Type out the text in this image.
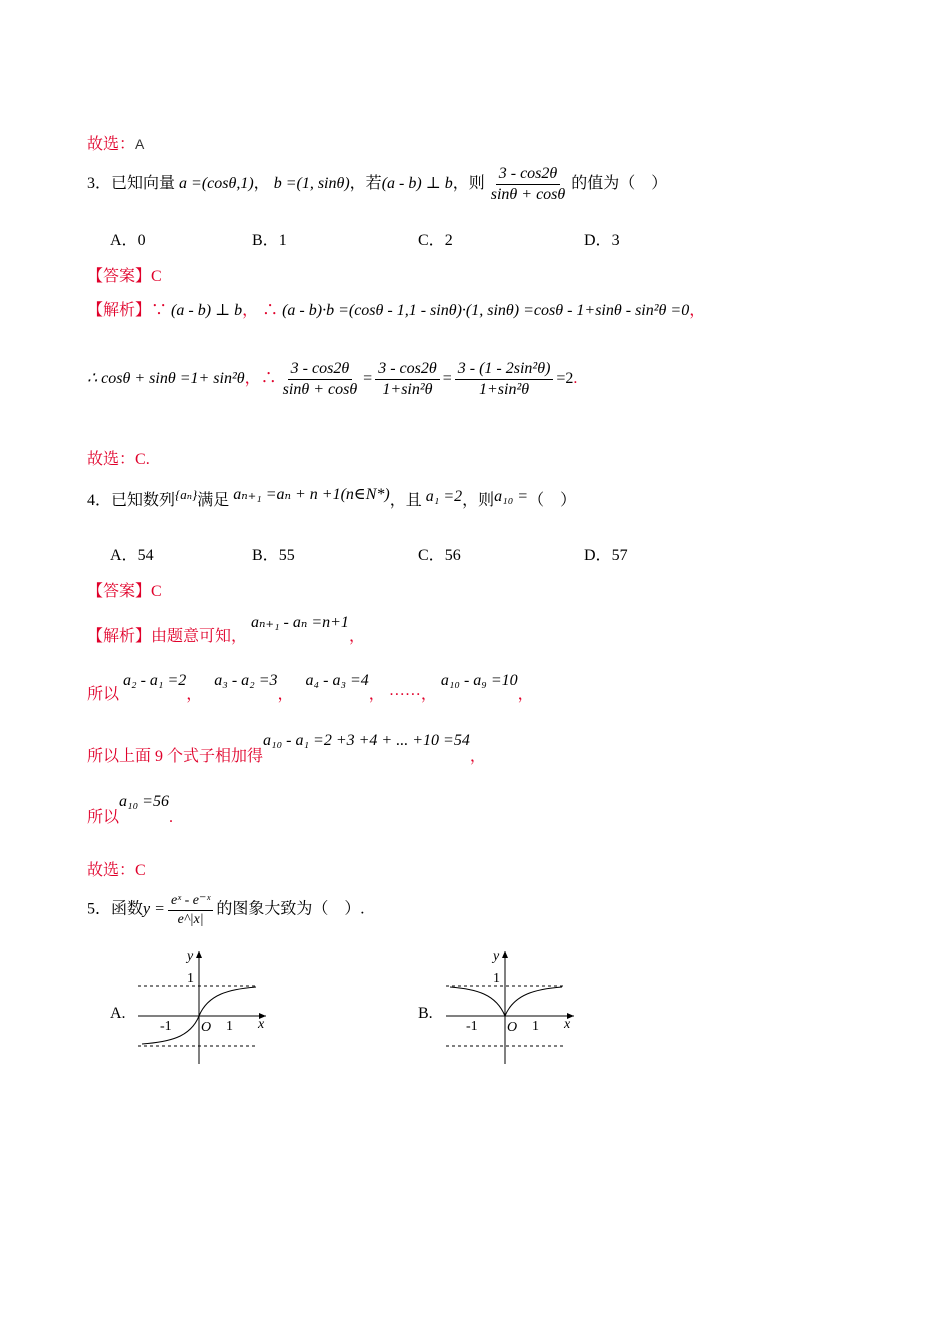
故选：A
3．已知向量 a =(cosθ,1)， b =(1, sinθ)，若(a - b) ⊥ b，则 $\frac{3 - \cos 2\theta}{\sin\theta + \cos\theta}$ 的值为（　）
A．0	B．1	C．2	D．3
【答案】C
【解析】∵ (a - b) ⊥ b， ∴ (a - b)·b =(cosθ - 1,1 - sinθ)·(1, sinθ) =cosθ - 1+sinθ - sin²θ =0，
∴ cosθ + sinθ =1+ sin²θ，∴ $\frac{3 - \cos 2\theta}{\sin\theta + \cos\theta} = \frac{3 - \cos 2\theta}{\text{1+sin²θ}} = \frac{\text{3 - (1 - 2sin²θ)}}{\text{1+sin²θ}} =2$.
故选：C.
4．已知数列$^{\{a_n\}}$满足 aₙ₊₁ =aₙ + n +1(n∈N*)，且 a₁ =2，则a₁₀ =（　）
A．54	B．55	C．56	D．57
【答案】C
【解析】由题意可知， aₙ₊₁ - aₙ =n+1，
所以 a₂ - a₁ =2，   a₃ - a₂ =3，   a₄ - a₃ =4， ……， a₁₀ - a₉ =10，
所以上面 9 个式子相加得a₁₀ - a₁ =2 +3 +4 + ... +10 =54，
所以a₁₀ =56.
故选：C
5．函数$y = \frac{\text{eˣ - e⁻ˣ}}{e\^{}|x|}$ 的图象大致为（　）.
A.
y
1
-1 O 1 x
B.
y
1
-1 O 1 x
